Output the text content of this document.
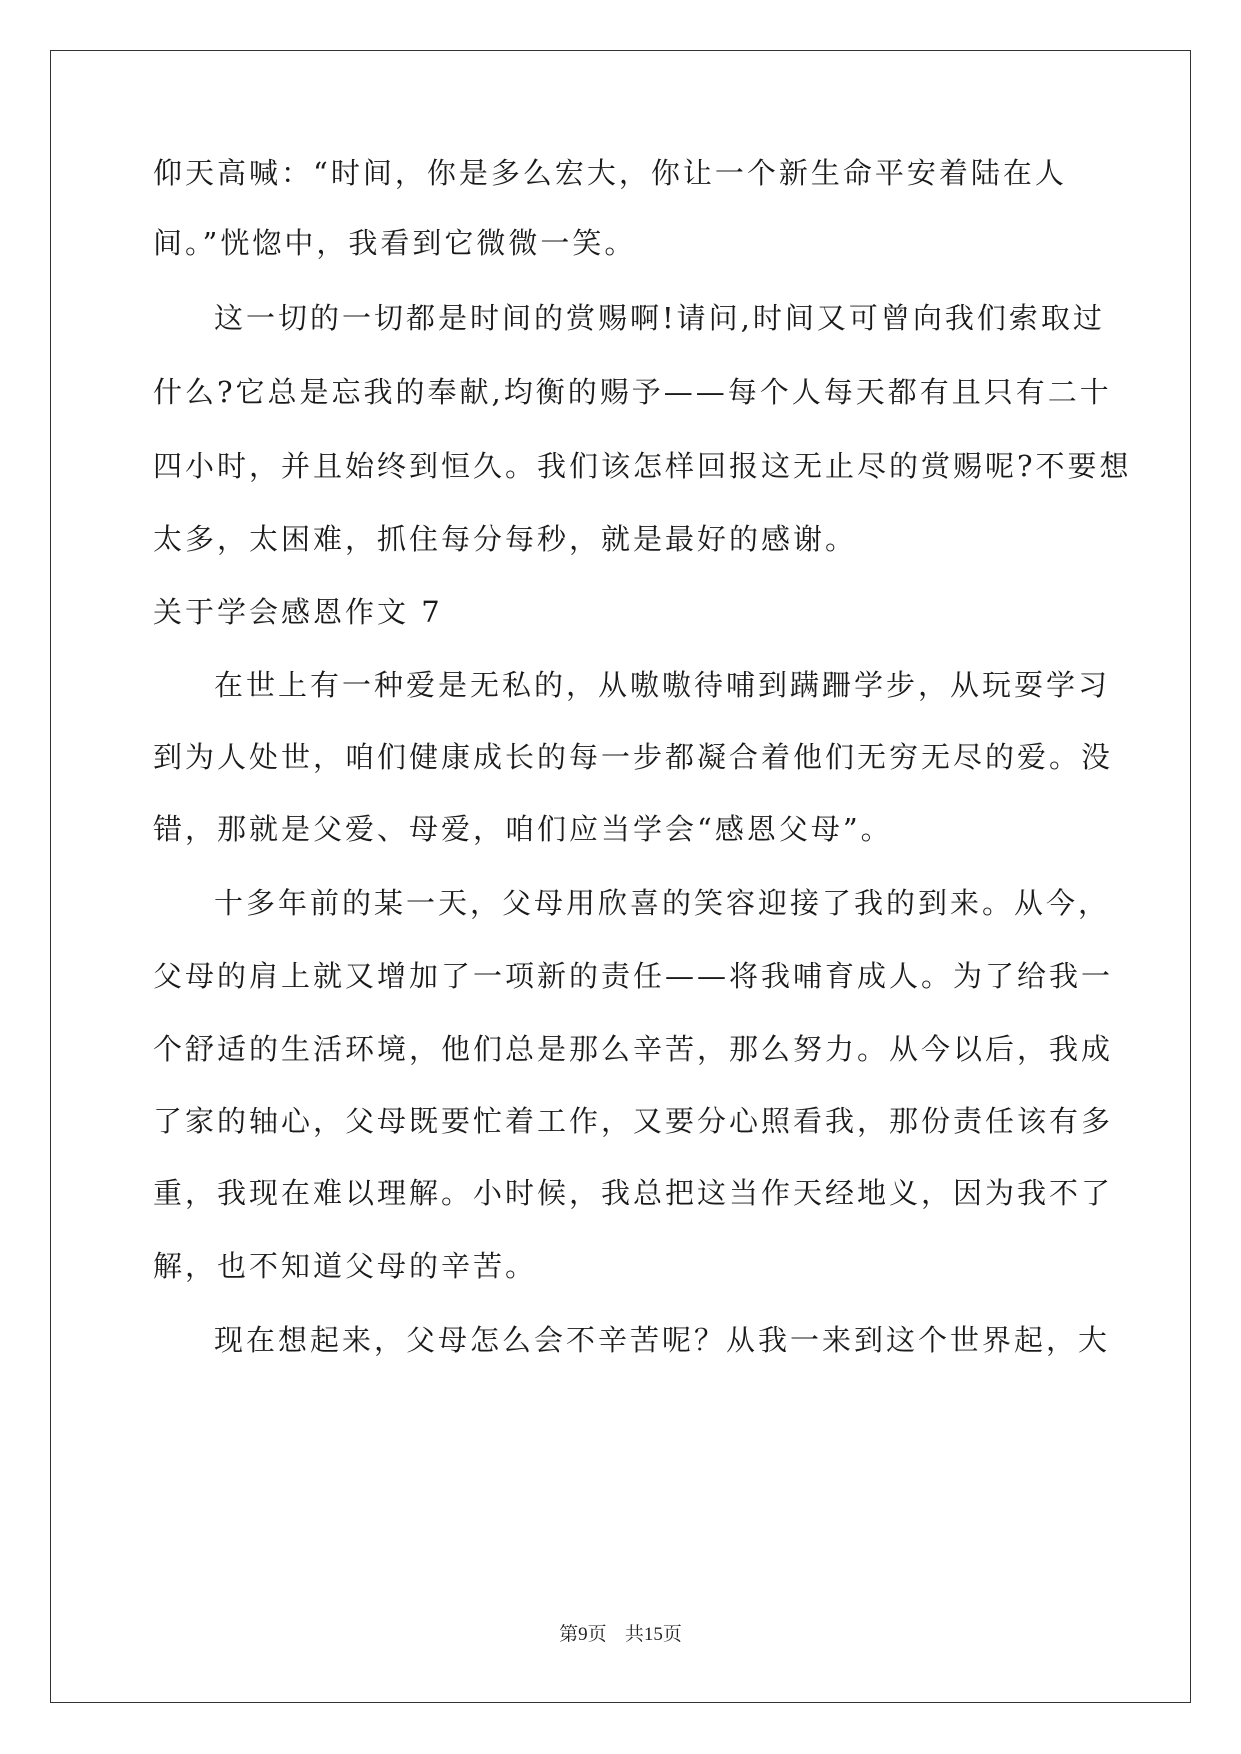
仰天高喊：“时间，你是多么宏大，你让一个新生命平安着陆在人
间。”恍惚中，我看到它微微一笑。
这一切的一切都是时间的赏赐啊!请问,时间又可曾向我们索取过
什么?它总是忘我的奉献,均衡的赐予——每个人每天都有且只有二十
四小时，并且始终到恒久。我们该怎样回报这无止尽的赏赐呢?不要想
太多，太困难，抓住每分每秒，就是最好的感谢。
关于学会感恩作文 7
在世上有一种爱是无私的，从嗷嗷待哺到蹒跚学步，从玩耍学习
到为人处世，咱们健康成长的每一步都凝合着他们无穷无尽的爱。没
错，那就是父爱、母爱，咱们应当学会“感恩父母”。
十多年前的某一天，父母用欣喜的笑容迎接了我的到来。从今，
父母的肩上就又增加了一项新的责任——将我哺育成人。为了给我一
个舒适的生活环境，他们总是那么辛苦，那么努力。从今以后，我成
了家的轴心，父母既要忙着工作，又要分心照看我，那份责任该有多
重，我现在难以理解。小时候，我总把这当作天经地义，因为我不了
解，也不知道父母的辛苦。
现在想起来，父母怎么会不辛苦呢？从我一来到这个世界起，大
第9页 共15页
